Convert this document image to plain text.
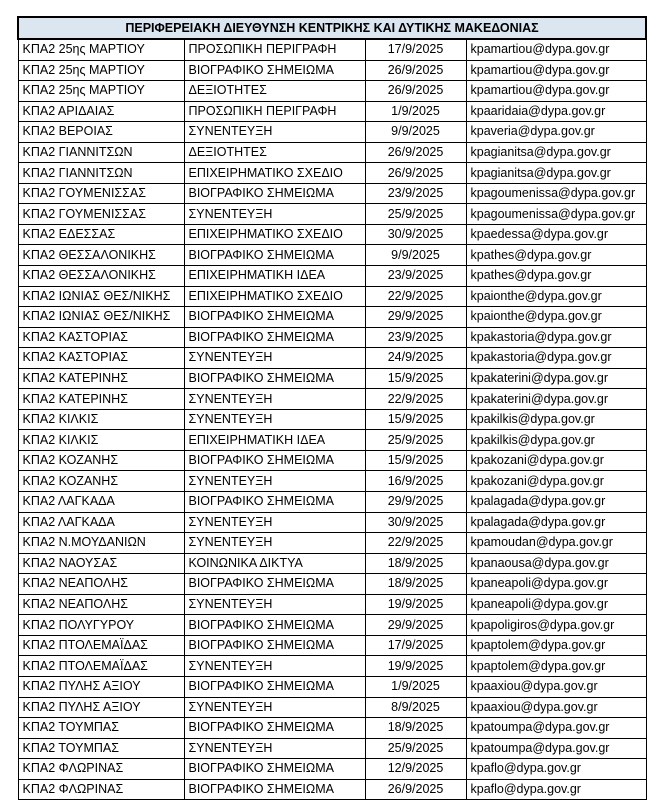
ΠΕΡΙΦΕΡΕΙΑΚΗ ΔΙΕΥΘΥΝΣΗ ΚΕΝΤΡΙΚΗΣ ΚΑΙ ΔΥΤΙΚΗΣ ΜΑΚΕΔΟΝΙΑΣ			
ΚΠΑ2 25ης ΜΑΡΤΙΟΥ	ΠΡΟΣΩΠΙΚΗ ΠΕΡΙΓΡΑΦΗ	17/9/2025	kpamartiou@dypa.gov.gr
ΚΠΑ2 25ης ΜΑΡΤΙΟΥ	ΒΙΟΓΡΑΦΙΚΟ ΣΗΜΕΙΩΜΑ	26/9/2025	kpamartiou@dypa.gov.gr
ΚΠΑ2 25ης ΜΑΡΤΙΟΥ	ΔΕΞΙΟΤΗΤΕΣ	26/9/2025	kpamartiou@dypa.gov.gr
ΚΠΑ2 ΑΡΙΔΑΙΑΣ	ΠΡΟΣΩΠΙΚΗ ΠΕΡΙΓΡΑΦΗ	1/9/2025	kpaaridaia@dypa.gov.gr
ΚΠΑ2 ΒΕΡΟΙΑΣ	ΣΥΝΕΝΤΕΥΞΗ	9/9/2025	kpaveria@dypa.gov.gr
ΚΠΑ2 ΓΙΑΝΝΙΤΣΩΝ	ΔΕΞΙΟΤΗΤΕΣ	26/9/2025	kpagianitsa@dypa.gov.gr
ΚΠΑ2 ΓΙΑΝΝΙΤΣΩΝ	ΕΠΙΧΕΙΡΗΜΑΤΙΚΟ ΣΧΕΔΙΟ	26/9/2025	kpagianitsa@dypa.gov.gr
ΚΠΑ2 ΓΟΥΜΕΝΙΣΣΑΣ	ΒΙΟΓΡΑΦΙΚΟ ΣΗΜΕΙΩΜΑ	23/9/2025	kpagoumenissa@dypa.gov.gr
ΚΠΑ2 ΓΟΥΜΕΝΙΣΣΑΣ	ΣΥΝΕΝΤΕΥΞΗ	25/9/2025	kpagoumenissa@dypa.gov.gr
ΚΠΑ2 ΕΔΕΣΣΑΣ	ΕΠΙΧΕΙΡΗΜΑΤΙΚΟ ΣΧΕΔΙΟ	30/9/2025	kpaedessa@dypa.gov.gr
ΚΠΑ2 ΘΕΣΣΑΛΟΝΙΚΗΣ	ΒΙΟΓΡΑΦΙΚΟ ΣΗΜΕΙΩΜΑ	9/9/2025	kpathes@dypa.gov.gr
ΚΠΑ2 ΘΕΣΣΑΛΟΝΙΚΗΣ	ΕΠΙΧΕΙΡΗΜΑΤΙΚΗ ΙΔΕΑ	23/9/2025	kpathes@dypa.gov.gr
ΚΠΑ2 ΙΩΝΙΑΣ ΘΕΣ/ΝΙΚΗΣ	ΕΠΙΧΕΙΡΗΜΑΤΙΚΟ ΣΧΕΔΙΟ	22/9/2025	kpaionthe@dypa.gov.gr
ΚΠΑ2 ΙΩΝΙΑΣ ΘΕΣ/ΝΙΚΗΣ	ΒΙΟΓΡΑΦΙΚΟ ΣΗΜΕΙΩΜΑ	29/9/2025	kpaionthe@dypa.gov.gr
ΚΠΑ2 ΚΑΣΤΟΡΙΑΣ	ΒΙΟΓΡΑΦΙΚΟ ΣΗΜΕΙΩΜΑ	23/9/2025	kpakastoria@dypa.gov.gr
ΚΠΑ2 ΚΑΣΤΟΡΙΑΣ	ΣΥΝΕΝΤΕΥΞΗ	24/9/2025	kpakastoria@dypa.gov.gr
ΚΠΑ2 ΚΑΤΕΡΙΝΗΣ	ΒΙΟΓΡΑΦΙΚΟ ΣΗΜΕΙΩΜΑ	15/9/2025	kpakaterini@dypa.gov.gr
ΚΠΑ2 ΚΑΤΕΡΙΝΗΣ	ΣΥΝΕΝΤΕΥΞΗ	22/9/2025	kpakaterini@dypa.gov.gr
ΚΠΑ2 ΚΙΛΚΙΣ	ΣΥΝΕΝΤΕΥΞΗ	15/9/2025	kpakilkis@dypa.gov.gr
ΚΠΑ2 ΚΙΛΚΙΣ	ΕΠΙΧΕΙΡΗΜΑΤΙΚΗ ΙΔΕΑ	25/9/2025	kpakilkis@dypa.gov.gr
ΚΠΑ2 ΚΟΖΑΝΗΣ	ΒΙΟΓΡΑΦΙΚΟ ΣΗΜΕΙΩΜΑ	15/9/2025	kpakozani@dypa.gov.gr
ΚΠΑ2 ΚΟΖΑΝΗΣ	ΣΥΝΕΝΤΕΥΞΗ	16/9/2025	kpakozani@dypa.gov.gr
ΚΠΑ2 ΛΑΓΚΑΔΑ	ΒΙΟΓΡΑΦΙΚΟ ΣΗΜΕΙΩΜΑ	29/9/2025	kpalagada@dypa.gov.gr
ΚΠΑ2 ΛΑΓΚΑΔΑ	ΣΥΝΕΝΤΕΥΞΗ	30/9/2025	kpalagada@dypa.gov.gr
ΚΠΑ2 Ν.ΜΟΥΔΑΝΙΩΝ	ΣΥΝΕΝΤΕΥΞΗ	22/9/2025	kpamoudan@dypa.gov.gr
ΚΠΑ2 ΝΑΟΥΣΑΣ	ΚΟΙΝΩΝΙΚΑ ΔΙΚΤΥΑ	18/9/2025	kpanaousa@dypa.gov.gr
ΚΠΑ2 ΝΕΑΠΟΛΗΣ	ΒΙΟΓΡΑΦΙΚΟ ΣΗΜΕΙΩΜΑ	18/9/2025	kpaneapoli@dypa.gov.gr
ΚΠΑ2 ΝΕΑΠΟΛΗΣ	ΣΥΝΕΝΤΕΥΞΗ	19/9/2025	kpaneapoli@dypa.gov.gr
ΚΠΑ2 ΠΟΛΥΓΥΡΟΥ	ΒΙΟΓΡΑΦΙΚΟ ΣΗΜΕΙΩΜΑ	29/9/2025	kpapoligiros@dypa.gov.gr
ΚΠΑ2 ΠΤΟΛΕΜΑΪΔΑΣ	ΒΙΟΓΡΑΦΙΚΟ ΣΗΜΕΙΩΜΑ	17/9/2025	kpaptolem@dypa.gov.gr
ΚΠΑ2 ΠΤΟΛΕΜΑΪΔΑΣ	ΣΥΝΕΝΤΕΥΞΗ	19/9/2025	kpaptolem@dypa.gov.gr
ΚΠΑ2 ΠΥΛΗΣ ΑΞΙΟΥ	ΒΙΟΓΡΑΦΙΚΟ ΣΗΜΕΙΩΜΑ	1/9/2025	kpaaxiou@dypa.gov.gr
ΚΠΑ2 ΠΥΛΗΣ ΑΞΙΟΥ	ΣΥΝΕΝΤΕΥΞΗ	8/9/2025	kpaaxiou@dypa.gov.gr
ΚΠΑ2 ΤΟΥΜΠΑΣ	ΒΙΟΓΡΑΦΙΚΟ ΣΗΜΕΙΩΜΑ	18/9/2025	kpatoumpa@dypa.gov.gr
ΚΠΑ2 ΤΟΥΜΠΑΣ	ΣΥΝΕΝΤΕΥΞΗ	25/9/2025	kpatoumpa@dypa.gov.gr
ΚΠΑ2 ΦΛΩΡΙΝΑΣ	ΒΙΟΓΡΑΦΙΚΟ ΣΗΜΕΙΩΜΑ	12/9/2025	kpaflo@dypa.gov.gr
ΚΠΑ2 ΦΛΩΡΙΝΑΣ	ΒΙΟΓΡΑΦΙΚΟ ΣΗΜΕΙΩΜΑ	26/9/2025	kpaflo@dypa.gov.gr
